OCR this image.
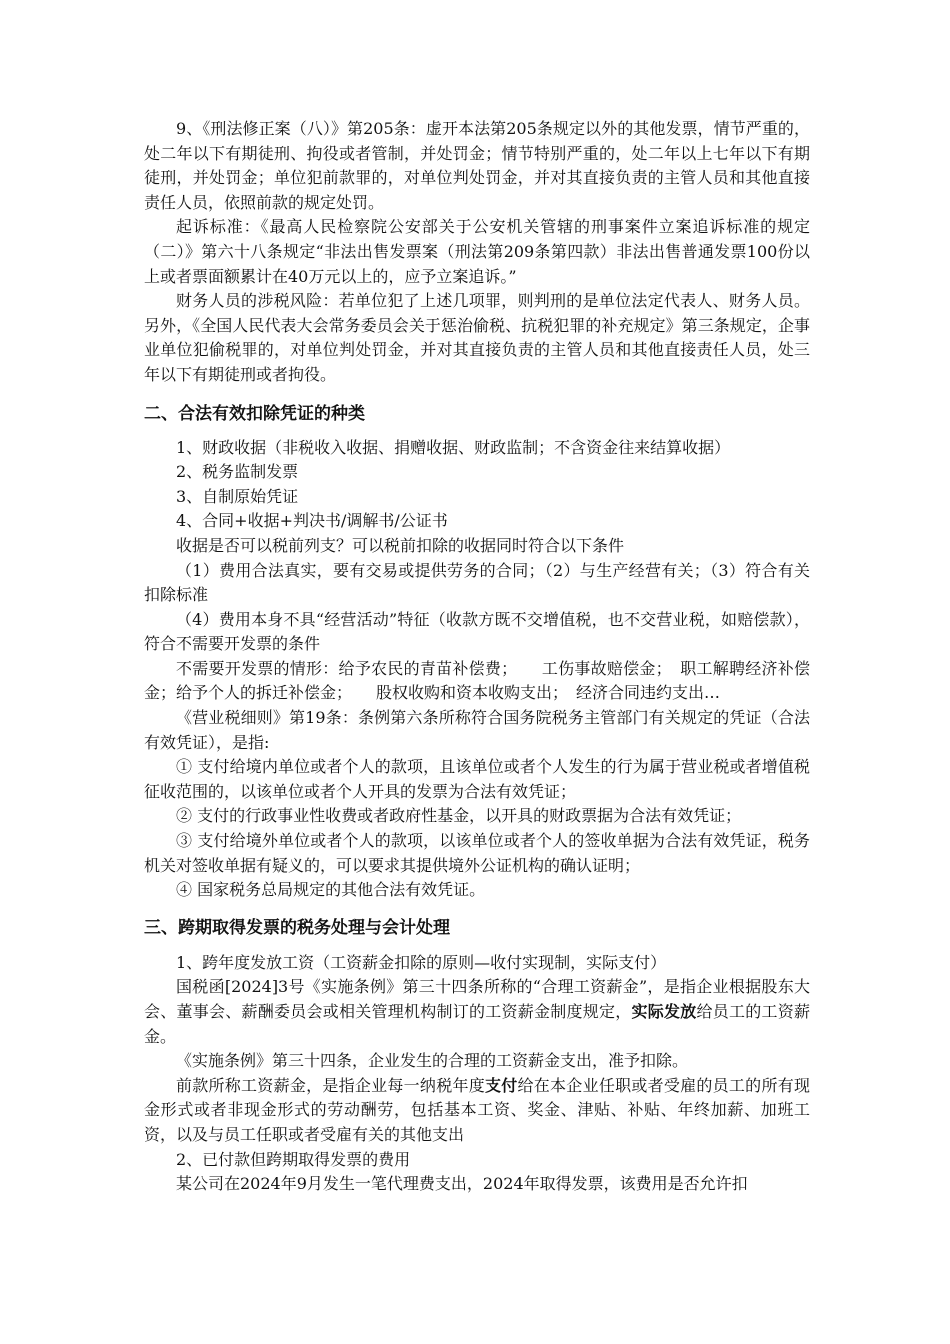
9、《刑法修正案（八）》第205条：虚开本法第205条规定以外的其他发票，情节严重的，处二年以下有期徒刑、拘役或者管制，并处罚金；情节特别严重的，处二年以上七年以下有期徒刑，并处罚金；单位犯前款罪的，对单位判处罚金，并对其直接负责的主管人员和其他直接责任人员，依照前款的规定处罚。

起诉标准：《最高人民检察院公安部关于公安机关管辖的刑事案件立案追诉标准的规定（二）》第六十八条规定“非法出售发票案（刑法第209条第四款）非法出售普通发票100份以上或者票面额累计在40万元以上的，应予立案追诉。”

财务人员的涉税风险：若单位犯了上述几项罪，则判刑的是单位法定代表人、财务人员。另外，《全国人民代表大会常务委员会关于惩治偷税、抗税犯罪的补充规定》第三条规定，企事业单位犯偷税罪的，对单位判处罚金，并对其直接负责的主管人员和其他直接责任人员，处三年以下有期徒刑或者拘役。

二、合法有效扣除凭证的种类

1、财政收据（非税收入收据、捐赠收据、财政监制；不含资金往来结算收据）

2、税务监制发票

3、自制原始凭证

4、合同+收据+判决书/调解书/公证书

收据是否可以税前列支？可以税前扣除的收据同时符合以下条件

（1）费用合法真实，要有交易或提供劳务的合同；（2）与生产经营有关；（3）符合有关扣除标准

（4）费用本身不具“经营活动”特征（收款方既不交增值税，也不交营业税，如赔偿款），符合不需要开发票的条件

不需要开发票的情形：给予农民的青苗补偿费；　　工伤事故赔偿金；　职工解聘经济补偿金；给予个人的拆迁补偿金；　　股权收购和资本收购支出；　经济合同违约支出…

《营业税细则》第19条：条例第六条所称符合国务院税务主管部门有关规定的凭证（合法有效凭证），是指:

① 支付给境内单位或者个人的款项，且该单位或者个人发生的行为属于营业税或者增值税征收范围的，以该单位或者个人开具的发票为合法有效凭证；

② 支付的行政事业性收费或者政府性基金，以开具的财政票据为合法有效凭证；

③ 支付给境外单位或者个人的款项，以该单位或者个人的签收单据为合法有效凭证，税务机关对签收单据有疑义的，可以要求其提供境外公证机构的确认证明；

④ 国家税务总局规定的其他合法有效凭证。

三、跨期取得发票的税务处理与会计处理

1、跨年度发放工资（工资薪金扣除的原则—收付实现制，实际支付）

国税函[2024]3号《实施条例》第三十四条所称的“合理工资薪金”，是指企业根据股东大会、董事会、薪酬委员会或相关管理机构制订的工资薪金制度规定，实际发放给员工的工资薪金。

《实施条例》第三十四条，企业发生的合理的工资薪金支出，准予扣除。

前款所称工资薪金，是指企业每一纳税年度支付给在本企业任职或者受雇的员工的所有现金形式或者非现金形式的劳动酬劳，包括基本工资、奖金、津贴、补贴、年终加薪、加班工资，以及与员工任职或者受雇有关的其他支出

2、已付款但跨期取得发票的费用

某公司在2024年9月发生一笔代理费支出，2024年取得发票，该费用是否允许扣
